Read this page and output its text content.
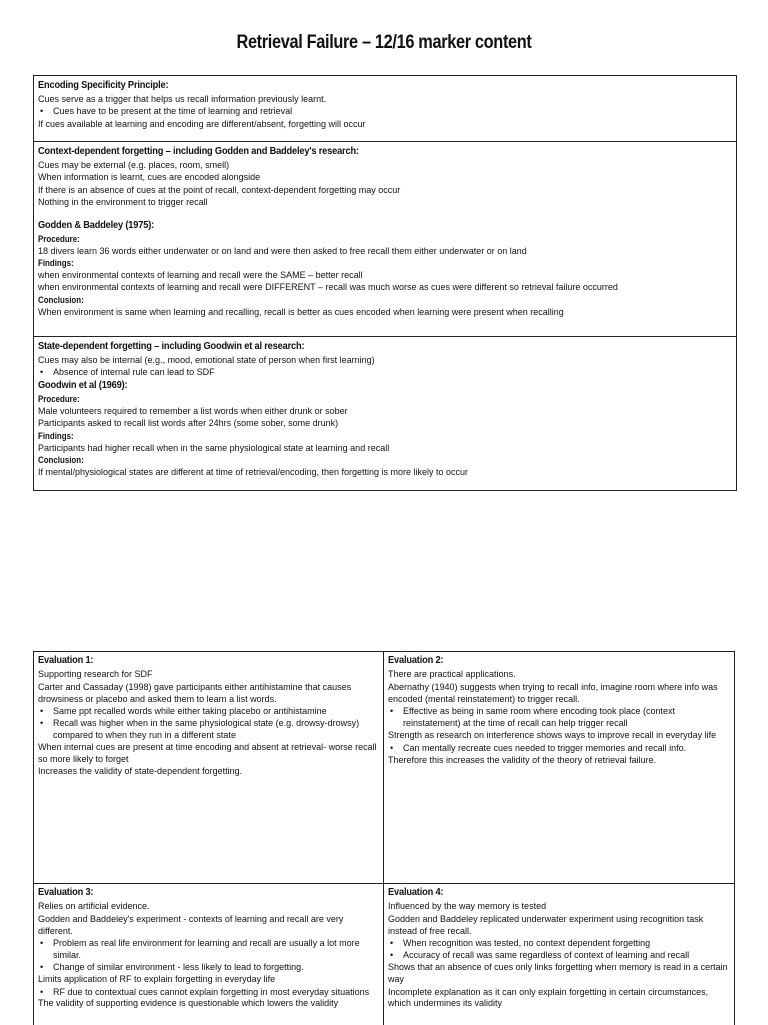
Retrieval Failure – 12/16 marker content
Encoding Specificity Principle:
Cues serve as a trigger that helps us recall information previously learnt.
• Cues have to be present at the time of learning and retrieval
If cues available at learning and encoding are different/absent, forgetting will occur
Context-dependent forgetting – including Godden and Baddeley's research:
Cues may be external (e.g. places, room, smell)
When information is learnt, cues are encoded alongside
If there is an absence of cues at the point of recall, context-dependent forgetting may occur
Nothing in the environment to trigger recall
Godden & Baddeley (1975):
Procedure:
18 divers learn 36 words either underwater or on land and were then asked to free recall them either underwater or on land
Findings:
when environmental contexts of learning and recall were the SAME – better recall
when environmental contexts of learning and recall were DIFFERENT – recall was much worse as cues were different so retrieval failure occurred
Conclusion:
When environment is same when learning and recalling, recall is better as cues encoded when learning were present when recalling
State-dependent forgetting – including Goodwin et al research:
Cues may also be internal (e.g., mood, emotional state of person when first learning)
• Absence of internal rule can lead to SDF
Goodwin et al (1969):
Procedure:
Male volunteers required to remember a list words when either drunk or sober
Participants asked to recall list words after 24hrs (some sober, some drunk)
Findings:
Participants had higher recall when in the same physiological state at learning and recall
Conclusion:
If mental/physiological states are different at time of retrieval/encoding, then forgetting is more likely to occur
Evaluation 1:

Supporting research for SDF

Carter and Cassaday (1998) gave participants either antihistamine that causes drowsiness or placebo and asked them to learn a list words.

• Same ppt recalled words while either taking placebo or antihistamine
• Recall was higher when in the same physiological state (e.g. drowsy-drowsy) compared to when they run in a different state

When internal cues are present at time encoding and absent at retrieval- worse recall so more likely to forget

Increases the validity of state-dependent forgetting.

Evaluation 2:

There are practical applications.

Abernathy (1940) suggests when trying to recall info, imagine room where info was encoded (mental reinstatement) to trigger recall.

• Effective as being in same room where encoding took place (context reinstatement) at the time of recall can help trigger recall

Strength as research on interference shows ways to improve recall in everyday life

• Can mentally recreate cues needed to trigger memories and recall info.

Therefore this increases the validity of the theory of retrieval failure.

Evaluation 3:

Relies on artificial evidence.

Godden and Baddeley's experiment - contexts of learning and recall are very different.

• Problem as real life environment for learning and recall are usually a lot more similar.
• Change of similar environment - less likely to lead to forgetting.

Limits application of RF to explain forgetting in everyday life

• RF due to contextual cues cannot explain forgetting in most everyday situations

The validity of supporting evidence is questionable which lowers the validity

Evaluation 4:

Influenced by the way memory is tested

Godden and Baddeley replicated underwater experiment using recognition task instead of free recall.

• When recognition was tested, no context dependent forgetting
• Accuracy of recall was same regardless of context of learning and recall

Shows that an absence of cues only links forgetting when memory is read in a certain way

Incomplete explanation as it can only explain forgetting in certain circumstances, which undermines its validity
